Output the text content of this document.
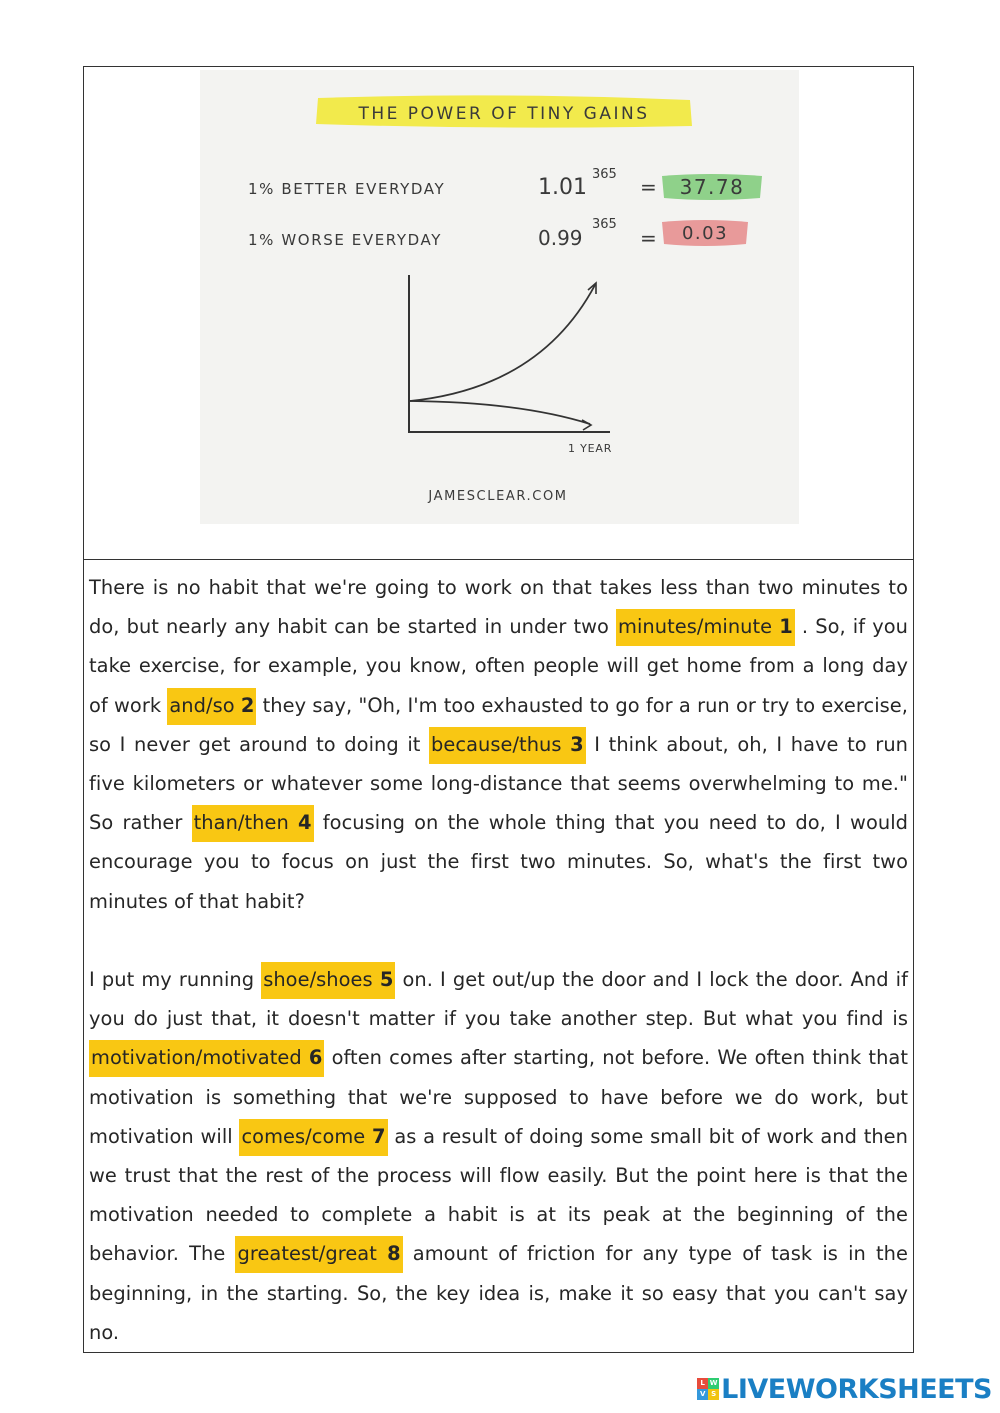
THE POWER OF TINY GAINS
1% BETTER EVERYDAY	1.01
365
= 37.78
1% WORSE EVERYDAY	0.99
365
= 0.03
1 YEAR
JAMESCLEAR.COM

There is no habit that we're going to work on that takes less than two minutes to do, but nearly any habit can be started in under two minutes/minute 1 . So, if you take exercise, for example, you know, often people will get home from a long day of work and/so 2 they say, "Oh, I'm too exhausted to go for a run or try to exercise, so I never get around to doing it because/thus 3 I think about, oh, I have to run five kilometers or whatever some long-distance that seems overwhelming to me." So rather than/then 4 focusing on the whole thing that you need to do, I would encourage you to focus on just the first two minutes. So, what's the first two minutes of that habit?

I put my running shoe/shoes 5 on. I get out/up the door and I lock the door. And if you do just that, it doesn't matter if you take another step. But what you find is motivation/motivated 6 often comes after starting, not before. We often think that motivation is something that we're supposed to have before we do work, but motivation will comes/come 7 as a result of doing some small bit of work and then we trust that the rest of the process will flow easily. But the point here is that the motivation needed to complete a habit is at its peak at the beginning of the behavior. The greatest/great 8 amount of friction for any type of task is in the beginning, in the starting. So, the key idea is, make it so easy that you can't say no.

L W
V S LIVEWORKSHEETS
